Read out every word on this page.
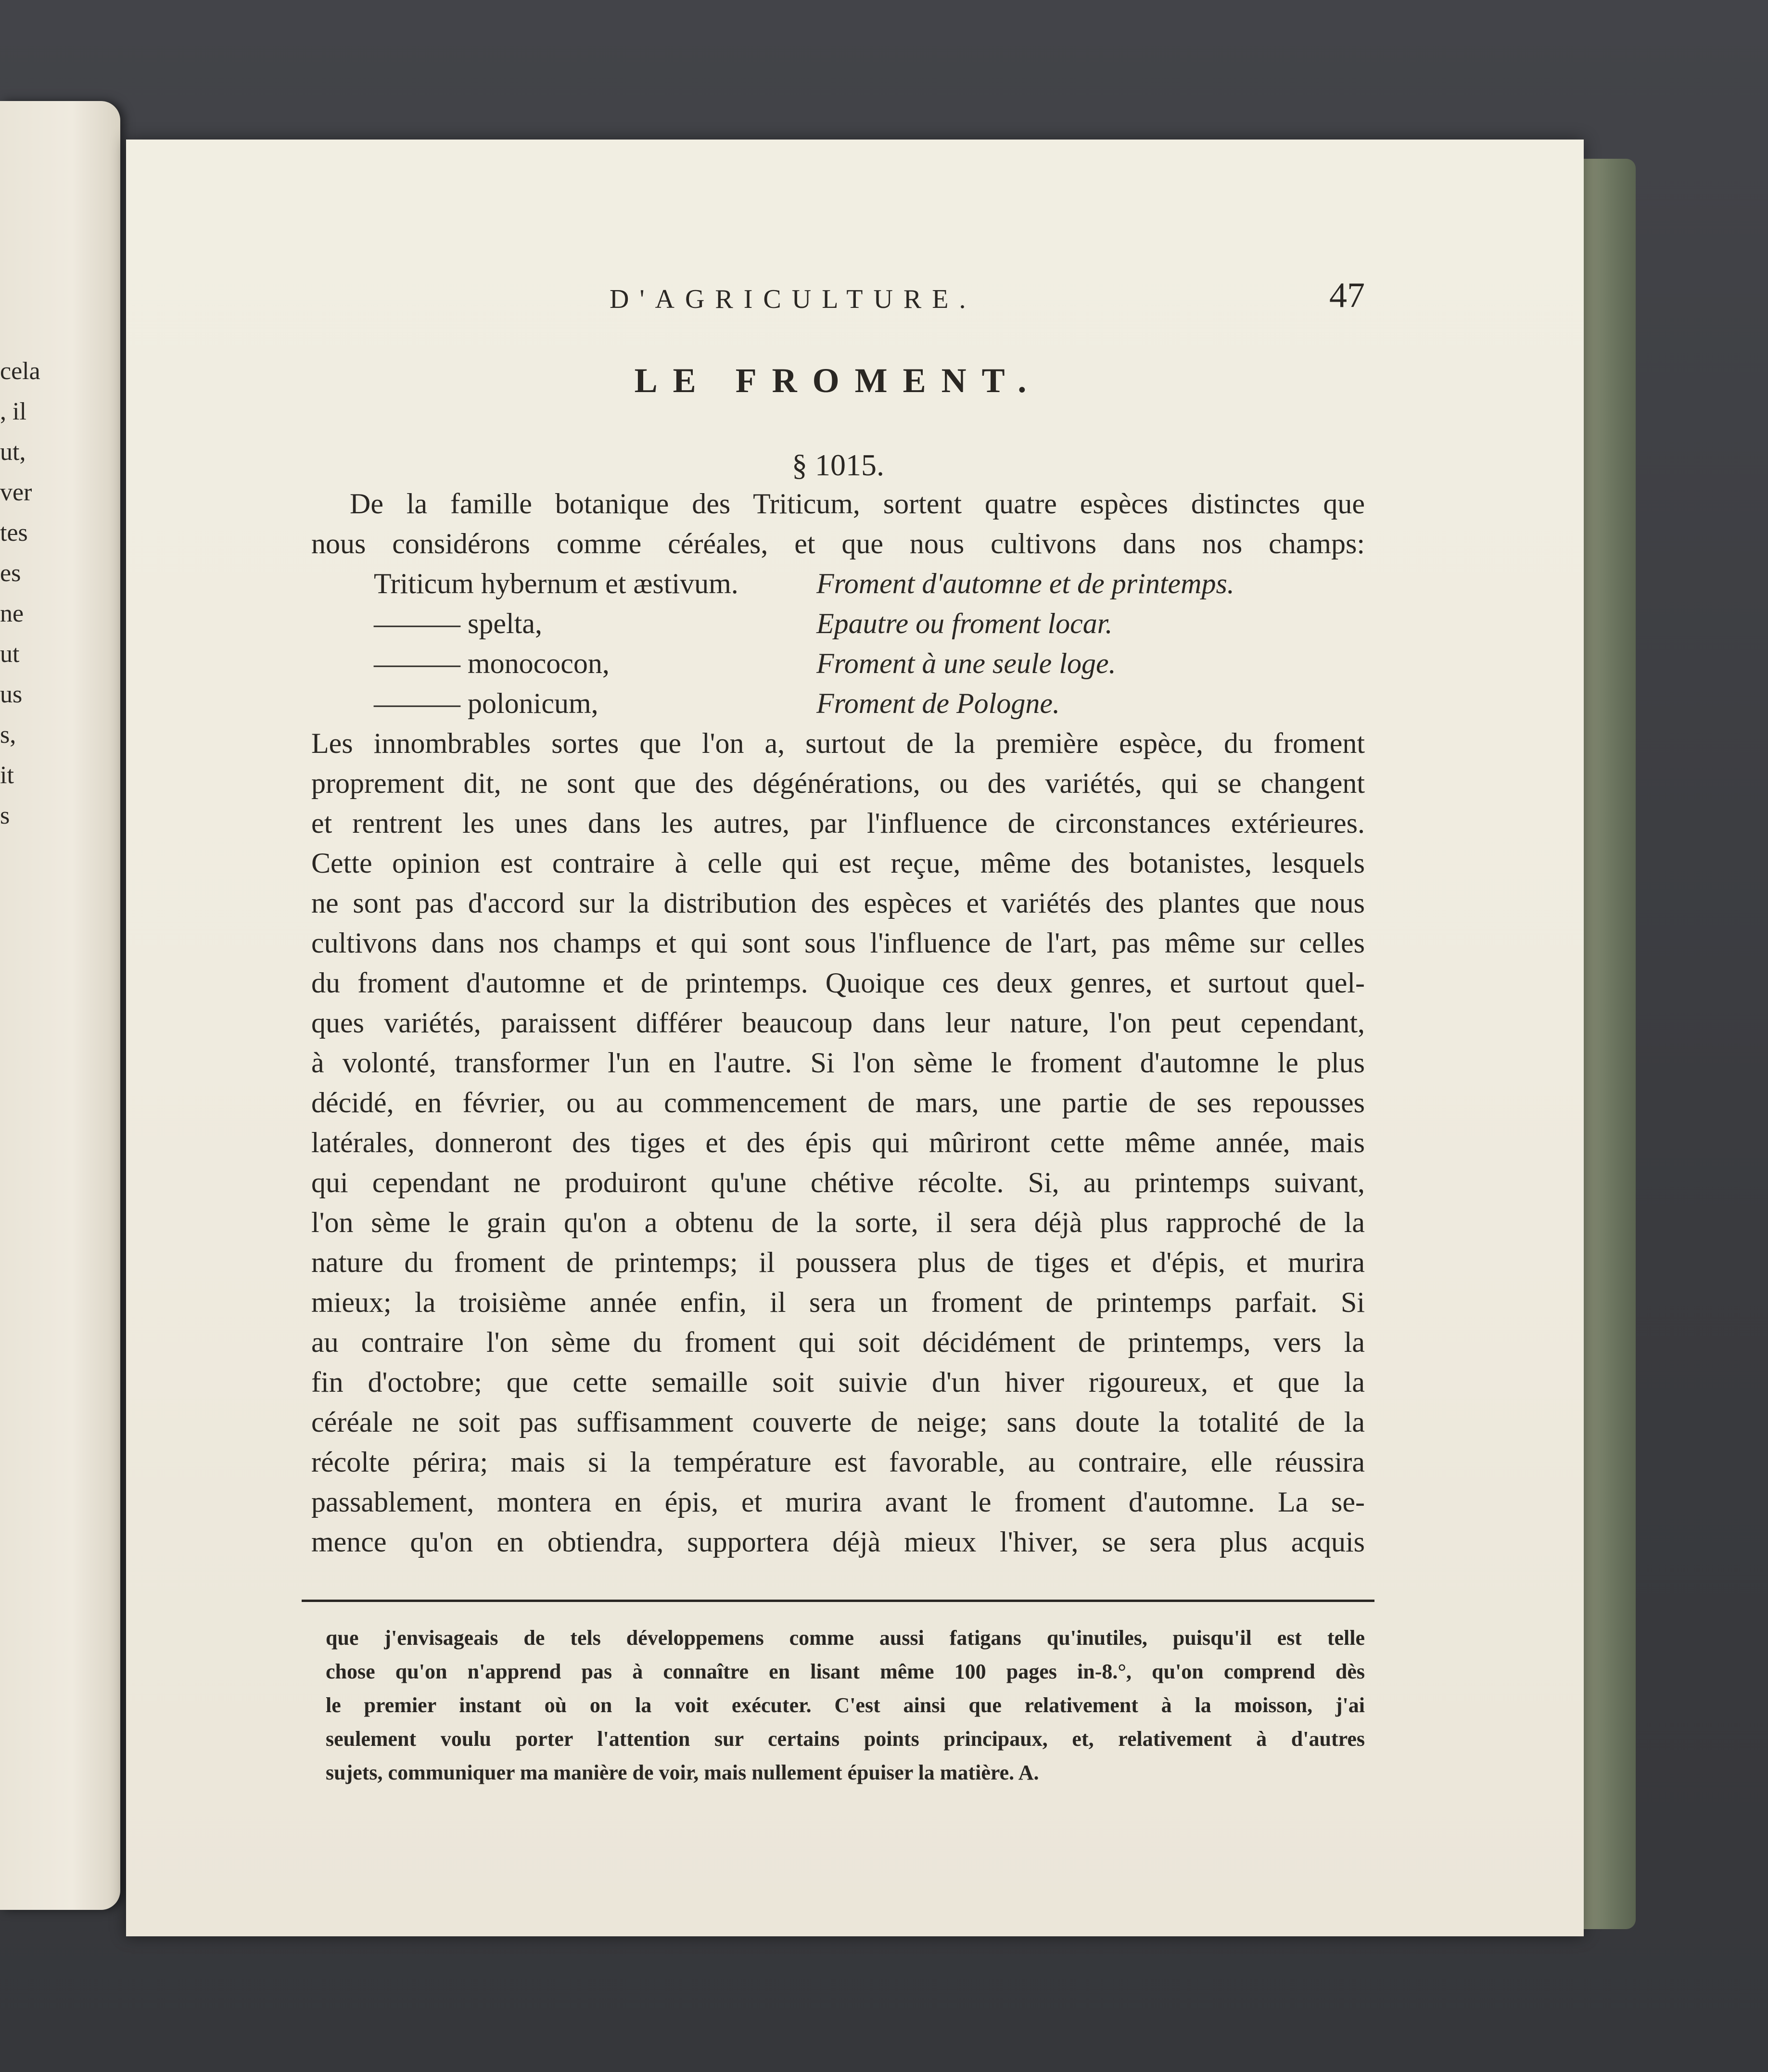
cela
, il
ut,
ver
tes
es
ne
ut
us
s,
it
s
D'AGRICULTURE.	47
LE FROMENT.
§ 1015.
De la famille botanique des Triticum, sortent quatre espèces distinctes que
nous considérons comme céréales, et que nous cultivons dans nos champs:
Triticum hybernum et æstivum.	Froment d'automne et de printemps.
——— spelta,	Epautre ou froment locar.
——— monococon,	Froment à une seule loge.
——— polonicum,	Froment de Pologne.
Les innombrables sortes que l'on a, surtout de la première espèce, du froment
proprement dit, ne sont que des dégénérations, ou des variétés, qui se changent
et rentrent les unes dans les autres, par l'influence de circonstances extérieures.
Cette opinion est contraire à celle qui est reçue, même des botanistes, lesquels
ne sont pas d'accord sur la distribution des espèces et variétés des plantes que nous
cultivons dans nos champs et qui sont sous l'influence de l'art, pas même sur celles
du froment d'automne et de printemps. Quoique ces deux genres, et surtout quel-
ques variétés, paraissent différer beaucoup dans leur nature, l'on peut cependant,
à volonté, transformer l'un en l'autre. Si l'on sème le froment d'automne le plus
décidé, en février, ou au commencement de mars, une partie de ses repousses
latérales, donneront des tiges et des épis qui mûriront cette même année, mais
qui cependant ne produiront qu'une chétive récolte. Si, au printemps suivant,
l'on sème le grain qu'on a obtenu de la sorte, il sera déjà plus rapproché de la
nature du froment de printemps; il poussera plus de tiges et d'épis, et murira
mieux; la troisième année enfin, il sera un froment de printemps parfait. Si
au contraire l'on sème du froment qui soit décidément de printemps, vers la
fin d'octobre; que cette semaille soit suivie d'un hiver rigoureux, et que la
céréale ne soit pas suffisamment couverte de neige; sans doute la totalité de la
récolte périra; mais si la température est favorable, au contraire, elle réussira
passablement, montera en épis, et murira avant le froment d'automne. La se-
mence qu'on en obtiendra, supportera déjà mieux l'hiver, se sera plus acquis
que j'envisageais de tels développemens comme aussi fatigans qu'inutiles, puisqu'il est telle
chose qu'on n'apprend pas à connaître en lisant même 100 pages in-8.°, qu'on comprend dès
le premier instant où on la voit exécuter. C'est ainsi que relativement à la moisson, j'ai
seulement voulu porter l'attention sur certains points principaux, et, relativement à d'autres
sujets, communiquer ma manière de voir, mais nullement épuiser la matière. A.
